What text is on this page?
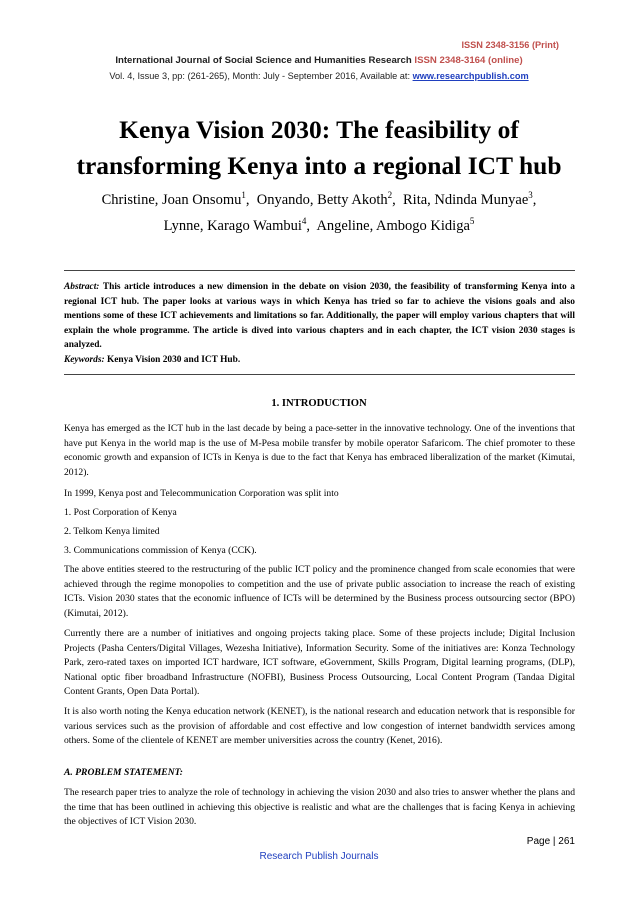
ISSN 2348-3156 (Print)
International Journal of Social Science and Humanities Research ISSN 2348-3164 (online)
Vol. 4, Issue 3, pp: (261-265), Month: July - September 2016, Available at: www.researchpublish.com
Kenya Vision 2030: The feasibility of
transforming Kenya into a regional ICT hub
Christine, Joan Onsomu$^1$,  Onyando, Betty Akoth$^2$,  Rita, Ndinda Munyae$^3$,
Lynne, Karago Wambui$^4$,  Angeline, Ambogo Kidiga$^5$
Abstract: This article introduces a new dimension in the debate on vision 2030, the feasibility of transforming Kenya into a regional ICT hub. The paper looks at various ways in which Kenya has tried so far to achieve the visions goals and also mentions some of these ICT achievements and limitations so far. Additionally, the paper will employ various chapters that will explain the whole programme. The article is dived into various chapters and in each chapter, the ICT vision 2030 stages is analyzed.
Keywords: Kenya Vision 2030 and ICT Hub.
1. INTRODUCTION

Kenya has emerged as the ICT hub in the last decade by being a pace-setter in the innovative technology. One of the inventions that have put Kenya in the world map is the use of M-Pesa mobile transfer by mobile operator Safaricom. The chief promoter to these economic growth and expansion of ICTs in Kenya is due to the fact that Kenya has embraced liberalization of the market (Kimutai, 2012).

In 1999, Kenya post and Telecommunication Corporation was split into

1. Post Corporation of Kenya

2. Telkom Kenya limited

3. Communications commission of Kenya (CCK).

The above entities steered to the restructuring of the public ICT policy and the prominence changed from scale economies that were achieved through the regime monopolies to competition and the use of private public association to increase the reach of existing ICTs. Vision 2030 states that the economic influence of ICTs will be determined by the Business process outsourcing sector (BPO) (Kimutai, 2012).

Currently there are a number of initiatives and ongoing projects taking place. Some of these projects include; Digital Inclusion Projects (Pasha Centers/Digital Villages, Wezesha Initiative), Information Security. Some of the initiatives are: Konza Technology Park, zero-rated taxes on imported ICT hardware, ICT software, eGovernment, Skills Program, Digital learning programs, (DLP), National optic fiber broadband Infrastructure (NOFBI), Business Process Outsourcing, Local Content Program (Tandaa Digital Content Grants, Open Data Portal).

It is also worth noting the Kenya education network (KENET), is the national research and education network that is responsible for various services such as the provision of affordable and cost effective and low congestion of internet bandwidth services among others. Some of the clientele of KENET are member universities across the country (Kenet, 2016).

A. PROBLEM STATEMENT:

The research paper tries to analyze the role of technology in achieving the vision 2030 and also tries to answer whether the plans and the time that has been outlined in achieving this objective is realistic and what are the challenges that is facing Kenya in achieving the objectives of ICT Vision 2030.

Page | 261
Research Publish Journals
